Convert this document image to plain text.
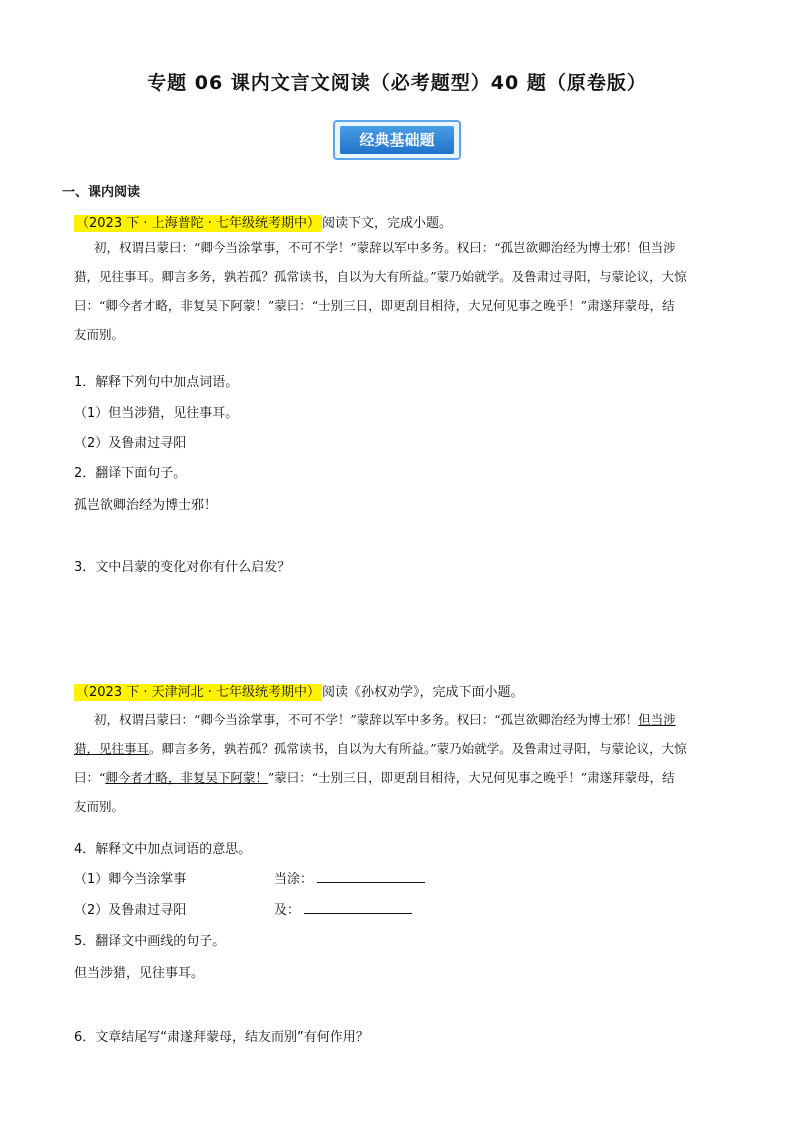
专题 06 课内文言文阅读（必考题型）40 题（原卷版）
经典基础题
一、课内阅读
（2023 下 · 上海普陀 · 七年级统考期中） 阅读下文，完成小题。
初，权谓吕蒙曰：“卿今当涂掌事，不可不学！”蒙辞以军中多务。权曰：“孤岂欲卿治经为博士邪！但当涉
猎，见往事耳。卿言多务，孰若孤？孤常读书，自以为大有所益。”蒙乃始就学。及鲁肃过寻阳，与蒙论议，大惊
曰：“卿今者才略，非复吴下阿蒙！”蒙曰：“士别三日，即更刮目相待，大兄何见事之晚乎！”肃遂拜蒙母，结
友而别。
1．解释下列句中加点词语。
（1）但当涉猎，见往事耳。
（2）及鲁肃过寻阳
2．翻译下面句子。
孤岂欲卿治经为博士邪！
3．文中吕蒙的变化对你有什么启发？
（2023 下 · 天津河北 · 七年级统考期中） 阅读《孙权劝学》，完成下面小题。
初，权谓吕蒙曰：“卿今当涂掌事，不可不学！”蒙辞以军中多务。权曰：“孤岂欲卿治经为博士邪！但当涉
猎，见往事耳。卿言多务，孰若孤？孤常读书，自以为大有所益。”蒙乃始就学。及鲁肃过寻阳，与蒙论议，大惊
曰：“卿今者才略，非复吴下阿蒙！”蒙曰：“士别三日，即更刮目相待，大兄何见事之晚乎！”肃遂拜蒙母，结
友而别。
4．解释文中加点词语的意思。
（1）卿今当涂掌事	当涂：
（2）及鲁肃过寻阳	及：
5．翻译文中画线的句子。
但当涉猎，见往事耳。
6．文章结尾写“肃遂拜蒙母，结友而别”有何作用？
